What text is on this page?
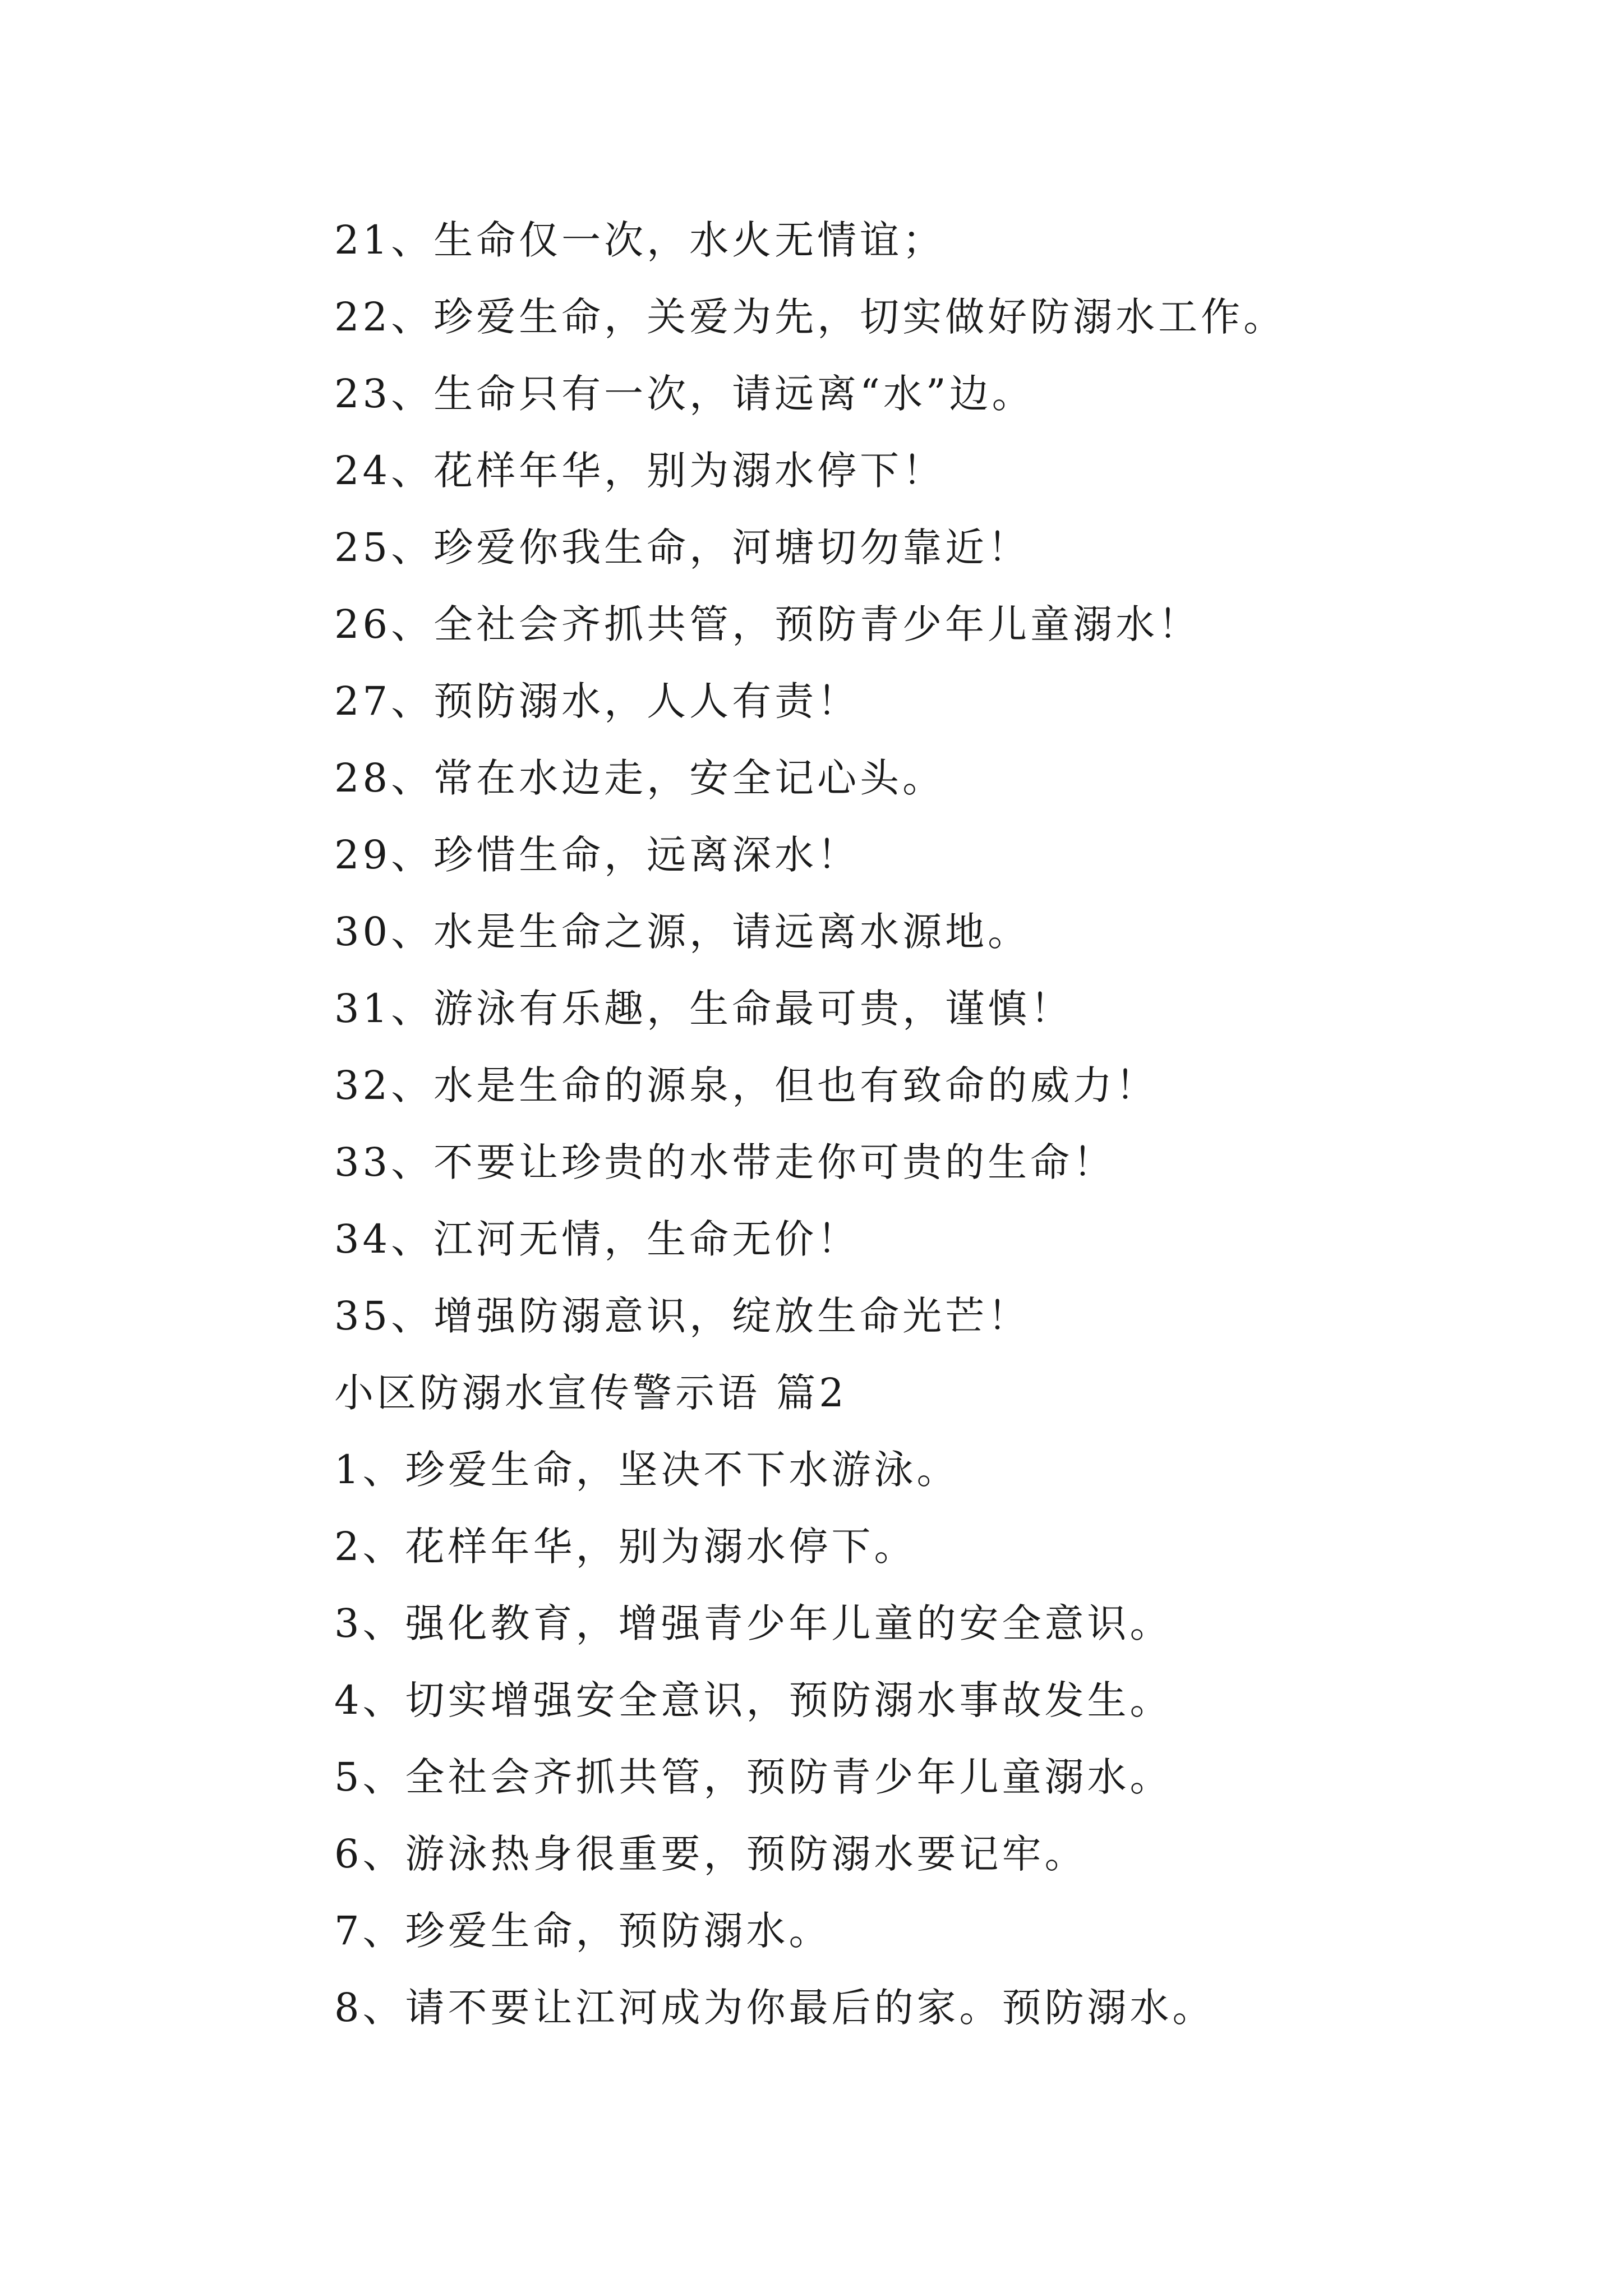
21、生命仅一次，水火无情谊；
22、珍爱生命，关爱为先，切实做好防溺水工作。
23、生命只有一次，请远离“水”边。
24、花样年华，别为溺水停下！
25、珍爱你我生命，河塘切勿靠近！
26、全社会齐抓共管，预防青少年儿童溺水！
27、预防溺水，人人有责！
28、常在水边走，安全记心头。
29、珍惜生命，远离深水！
30、水是生命之源，请远离水源地。
31、游泳有乐趣，生命最可贵，谨慎！
32、水是生命的源泉，但也有致命的威力！
33、不要让珍贵的水带走你可贵的生命！
34、江河无情，生命无价！
35、增强防溺意识，绽放生命光芒！
小区防溺水宣传警示语 篇2
1、珍爱生命，坚决不下水游泳。
2、花样年华，别为溺水停下。
3、强化教育，增强青少年儿童的安全意识。
4、切实增强安全意识，预防溺水事故发生。
5、全社会齐抓共管，预防青少年儿童溺水。
6、游泳热身很重要，预防溺水要记牢。
7、珍爱生命，预防溺水。
8、请不要让江河成为你最后的家。预防溺水。
